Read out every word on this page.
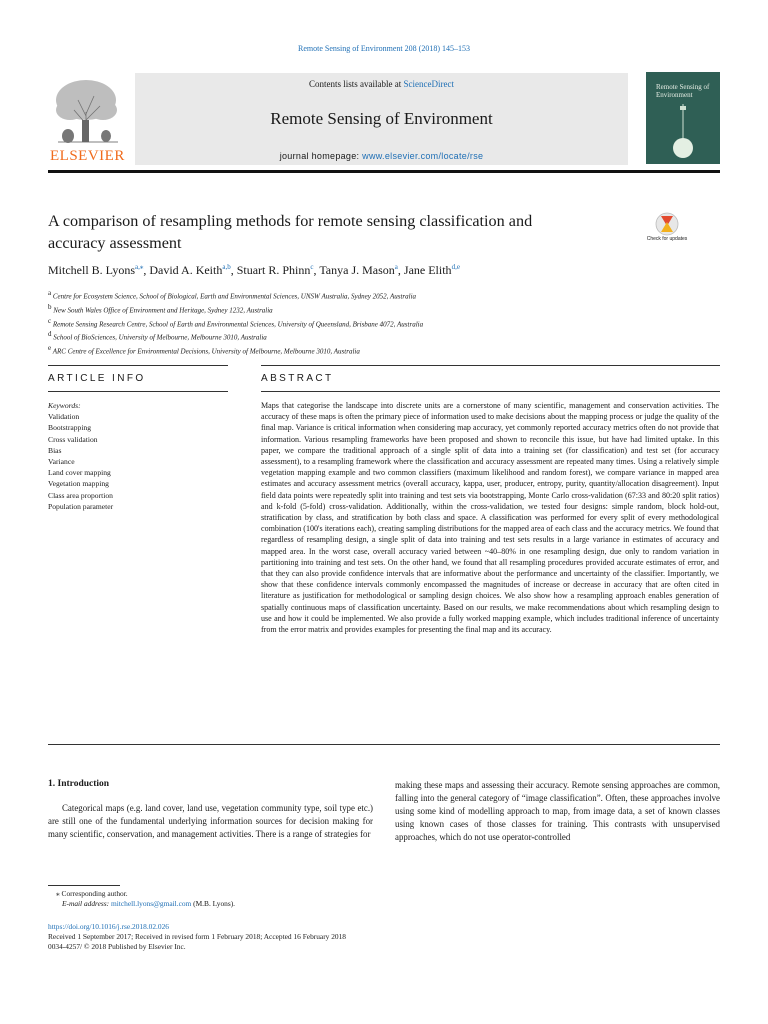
Remote Sensing of Environment 208 (2018) 145–153
ELSEVIER
Contents lists available at ScienceDirect
Remote Sensing of Environment
journal homepage: www.elsevier.com/locate/rse
Remote Sensing of Environment
A comparison of resampling methods for remote sensing classification and
accuracy assessment	Check for updates
Mitchell B. Lyons$^{a,⁎}$, David A. Keith$^{a,b}$, Stuart R. Phinn$^c$, Tanya J. Mason$^a$, Jane Elith$^{d,e}$
$^a$ Centre for Ecosystem Science, School of Biological, Earth and Environmental Sciences, UNSW Australia, Sydney 2052, Australia
$^b$ New South Wales Office of Environment and Heritage, Sydney 1232, Australia
$^c$ Remote Sensing Research Centre, School of Earth and Environmental Sciences, University of Queensland, Brisbane 4072, Australia
$^d$ School of BioSciences, University of Melbourne, Melbourne 3010, Australia
$^e$ ARC Centre of Excellence for Environmental Decisions, University of Melbourne, Melbourne 3010, Australia
ARTICLE INFO	ABSTRACT
Keywords:
Validation
Bootstrapping
Cross validation
Bias
Variance
Land cover mapping
Vegetation mapping
Class area proportion
Population parameter
Maps that categorise the landscape into discrete units are a cornerstone of many scientific, management and conservation activities. The accuracy of these maps is often the primary piece of information used to make decisions about the mapping process or judge the quality of the final map. Variance is critical information when considering map accuracy, yet commonly reported accuracy metrics often do not provide that information. Various resampling frameworks have been proposed and shown to reconcile this issue, but have had limited uptake. In this paper, we compare the traditional approach of a single split of data into a training set (for classification) and test set (for accuracy assessment), to a resampling framework where the classification and accuracy assessment are repeated many times. Using a relatively simple vegetation mapping example and two common classifiers (maximum likelihood and random forest), we compare variance in mapped area estimates and accuracy assessment metrics (overall accuracy, kappa, user, producer, entropy, purity, quantity/allocation disagreement). Input field data points were repeatedly split into training and test sets via bootstrapping, Monte Carlo cross-validation (67:33 and 80:20 split ratios) and k-fold (5-fold) cross-validation. Additionally, within the cross-validation, we tested four designs: simple random, block hold-out, stratification by class, and stratification by both class and space. A classification was performed for every split of every methodological combination (100's iterations each), creating sampling distributions for the mapped area of each class and the accuracy metrics. We found that regardless of resampling design, a single split of data into training and test sets results in a large variance in estimates of accuracy and mapped area. In the worst case, overall accuracy varied between ~40–80% in one resampling design, due only to random variation in partitioning into training and test sets. On the other hand, we found that all resampling procedures provided accurate estimates of error, and that they can also provide confidence intervals that are informative about the performance and uncertainty of the classifier. Importantly, we show that these confidence intervals commonly encompassed the magnitudes of increase or decrease in accuracy that are often cited in literature as justification for methodological or sampling design choices. We also show how a resampling approach enables generation of spatially continuous maps of classification uncertainty. Based on our results, we make recommendations about which resampling design to use and how it could be implemented. We also provide a fully worked mapping example, which includes traditional inference of uncertainty from the error matrix and provides examples for presenting the final map and its accuracy.
1. Introduction
Categorical maps (e.g. land cover, land use, vegetation community type, soil type etc.) are still one of the fundamental underlying information sources for decision making for many scientific, conservation, and management activities. There is a range of strategies for
making these maps and assessing their accuracy. Remote sensing approaches are common, falling into the general category of “image classification”. Often, these approaches involve using some kind of modelling approach to map, from image data, a set of known classes using known cases of those classes for training. This contrasts with unsupervised approaches, which do not use operator-controlled
⁎ Corresponding author.
E-mail address: mitchell.lyons@gmail.com (M.B. Lyons).
https://doi.org/10.1016/j.rse.2018.02.026
Received 1 September 2017; Received in revised form 1 February 2018; Accepted 16 February 2018
0034-4257/ © 2018 Published by Elsevier Inc.
